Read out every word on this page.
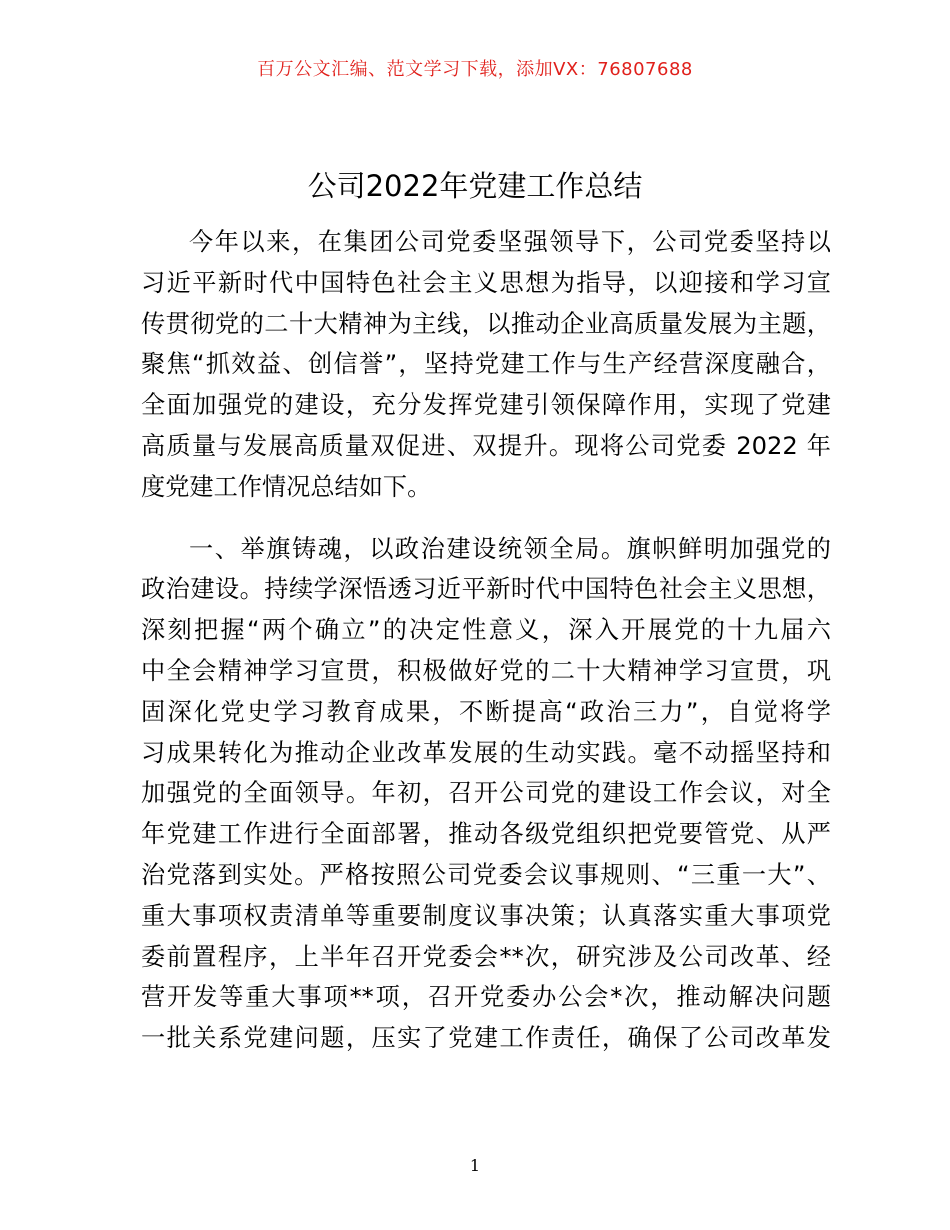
百万公文汇编、范文学习下载，添加VX：76807688
公司2022年党建工作总结
今年以来，在集团公司党委坚强领导下，公司党委坚持以
习近平新时代中国特色社会主义思想为指导，以迎接和学习宣
传贯彻党的二十大精神为主线，以推动企业高质量发展为主题，
聚焦“抓效益、创信誉”，坚持党建工作与生产经营深度融合，
全面加强党的建设，充分发挥党建引领保障作用，实现了党建
高质量与发展高质量双促进、双提升。现将公司党委 2022 年
度党建工作情况总结如下。
一、举旗铸魂，以政治建设统领全局。旗帜鲜明加强党的
政治建设。持续学深悟透习近平新时代中国特色社会主义思想，
深刻把握“两个确立”的决定性意义，深入开展党的十九届六
中全会精神学习宣贯，积极做好党的二十大精神学习宣贯，巩
固深化党史学习教育成果，不断提高“政治三力”，自觉将学
习成果转化为推动企业改革发展的生动实践。毫不动摇坚持和
加强党的全面领导。年初，召开公司党的建设工作会议，对全
年党建工作进行全面部署，推动各级党组织把党要管党、从严
治党落到实处。严格按照公司党委会议事规则、“三重一大”、
重大事项权责清单等重要制度议事决策；认真落实重大事项党
委前置程序，上半年召开党委会**次，研究涉及公司改革、经
营开发等重大事项**项，召开党委办公会*次，推动解决问题
一批关系党建问题，压实了党建工作责任，确保了公司改革发
1
